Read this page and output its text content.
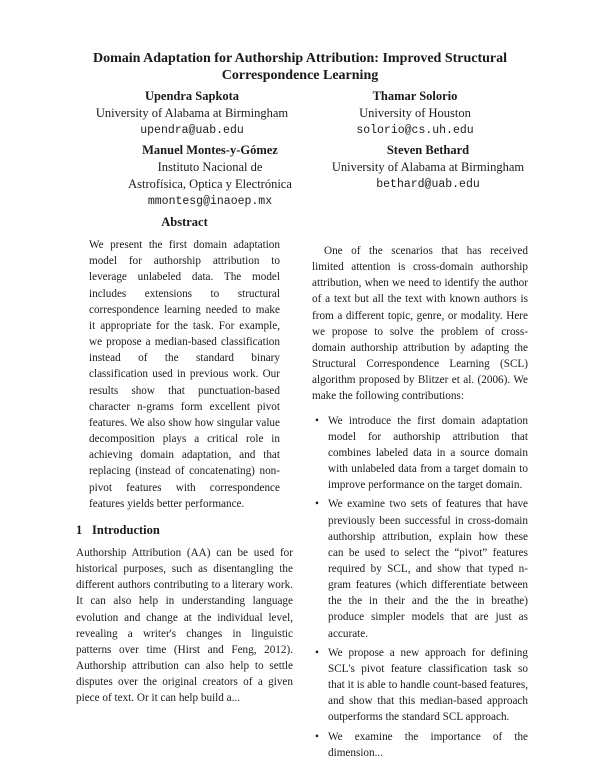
Domain Adaptation for Authorship Attribution: Improved Structural Correspondence Learning
Upendra Sapkota
University of Alabama at Birmingham
upendra@uab.edu
Thamar Solorio
University of Houston
solorio@cs.uh.edu
Manuel Montes-y-Gómez
Instituto Nacional de
Astrofísica, Optica y Electrónica
mmontesg@inaoep.mx
Steven Bethard
University of Alabama at Birmingham
bethard@uab.edu
Abstract

We present the first domain adaptation model for authorship attribution to leverage unlabeled data. The model includes extensions to structural correspondence learning needed to make it appropriate for the task. For example, we propose a median-based classification instead of the standard binary classification used in previous work. Our results show that punctuation-based character n-grams form excellent pivot features. We also show how singular value decomposition plays a critical role in achieving domain adaptation, and that replacing (instead of concatenating) non-pivot features with correspondence features yields better performance.

1 Introduction

Authorship Attribution (AA) can be used for historical purposes, such as disentangling the different authors contributing to a literary work. It can also help in understanding language evolution and change at the individual level, revealing a writer's changes in linguistic patterns over time (Hirst and Feng, 2012). Authorship attribution can also help to settle disputes over the original creators of a given piece of text. Or it can help build a...

One of the scenarios that has received limited attention is cross-domain authorship attribution, when we need to identify the author of a text but all the text with known authors is from a different topic, genre, or modality. Here we propose to solve the problem of cross-domain authorship attribution by adapting the Structural Correspondence Learning (SCL) algorithm proposed by Blitzer et al. (2006). We make the following contributions:

• We introduce the first domain adaptation model for authorship attribution that combines labeled data in a source domain with unlabeled data from a target domain to improve performance on the target domain.
• We examine two sets of features that have previously been successful in cross-domain authorship attribution, explain how these can be used to select the “pivot” features required by SCL, and show that typed n-gram features (which differentiate between the the in their and the the in breathe) produce simpler models that are just as accurate.
• We propose a new approach for defining SCL's pivot feature classification task so that it is able to handle count-based features, and show that this median-based approach outperforms the standard SCL approach.
• We examine the importance of the dimension...
